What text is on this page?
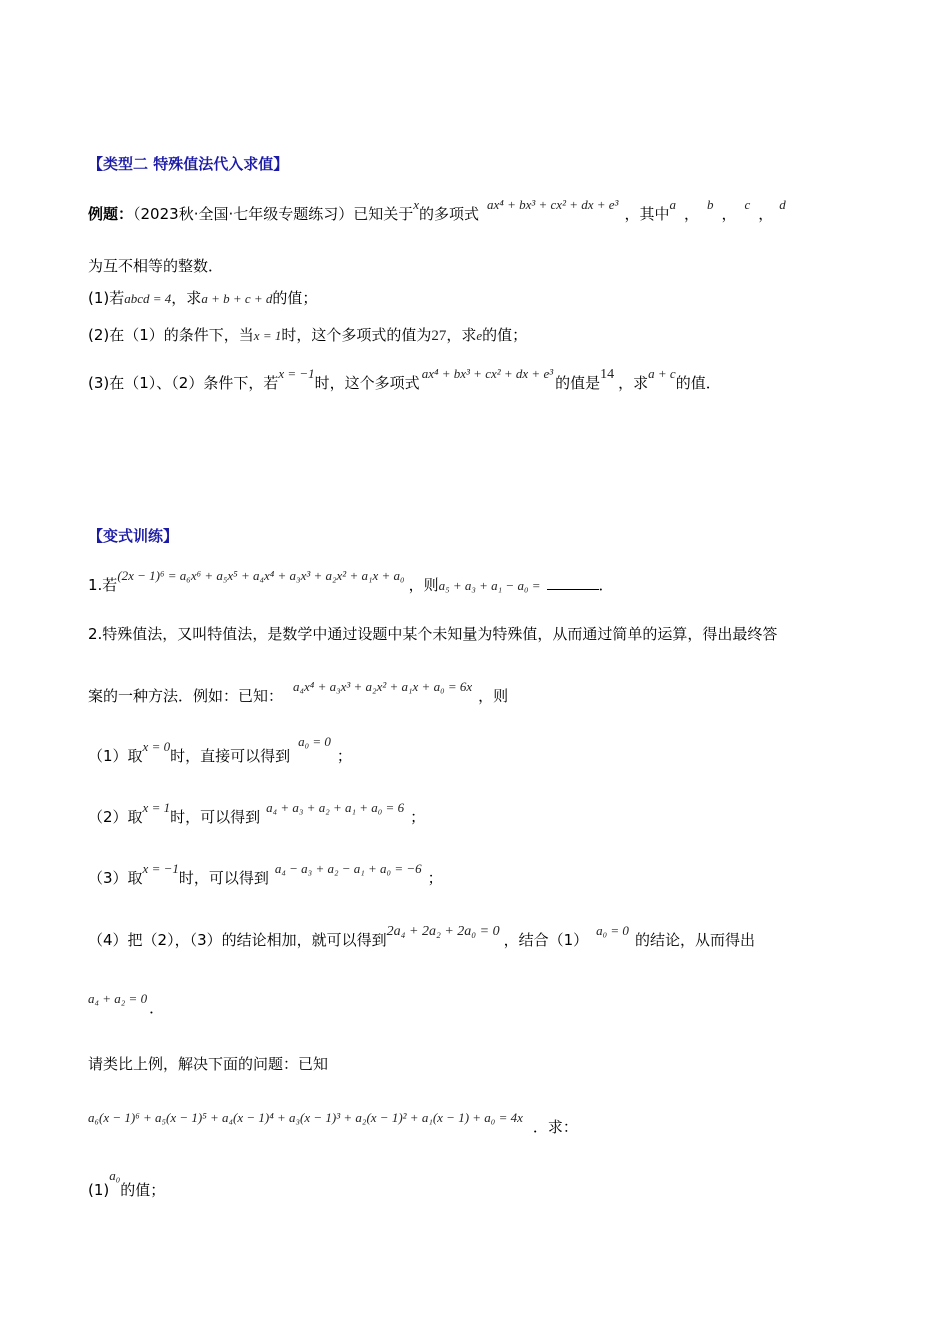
【类型二 特殊值法代入求值】
例题：（2023秋·全国·七年级专题练习）已知关于x的多项式ax⁴ + bx³ + cx² + dx + e³，其中a，b，c，d
为互不相等的整数．
(1)若abcd = 4，求a + b + c + d的值；
(2)在（1）的条件下，当x = 1时，这个多项式的值为27，求e的值；
(3)在（1）、（2）条件下，若x = −1时，这个多项式ax⁴ + bx³ + cx² + dx + e³的值是14 ，求a + c的值．
【变式训练】
1.若(2x − 1)⁶ = a₆x⁶ + a₅x⁵ + a₄x⁴ + a₃x³ + a₂x² + a₁x + a₀，则a₅ + a₃ + a₁ − a₀ =	．
2.特殊值法，又叫特值法，是数学中通过设题中某个未知量为特殊值，从而通过简单的运算，得出最终答
案的一种方法．例如：已知：a₄x⁴ + a₃x³ + a₂x² + a₁x + a₀ = 6x，则
（1）取x = 0时，直接可以得到a₀ = 0；
（2）取x = 1时，可以得到a₄ + a₃ + a₂ + a₁ + a₀ = 6；
（3）取x = −1时，可以得到a₄ − a₃ + a₂ − a₁ + a₀ = −6；
（4）把（2），（3）的结论相加，就可以得到2a₄ + 2a₂ + 2a₀ = 0 ，结合（1）a₀ = 0的结论，从而得出
a₄ + a₂ = 0．
请类比上例，解决下面的问题：已知
a₆(x − 1)⁶ + a₅(x − 1)⁵ + a₄(x − 1)⁴ + a₃(x − 1)³ + a₂(x − 1)² + a₁(x − 1) + a₀ = 4x．求：
(1)a₀的值；
